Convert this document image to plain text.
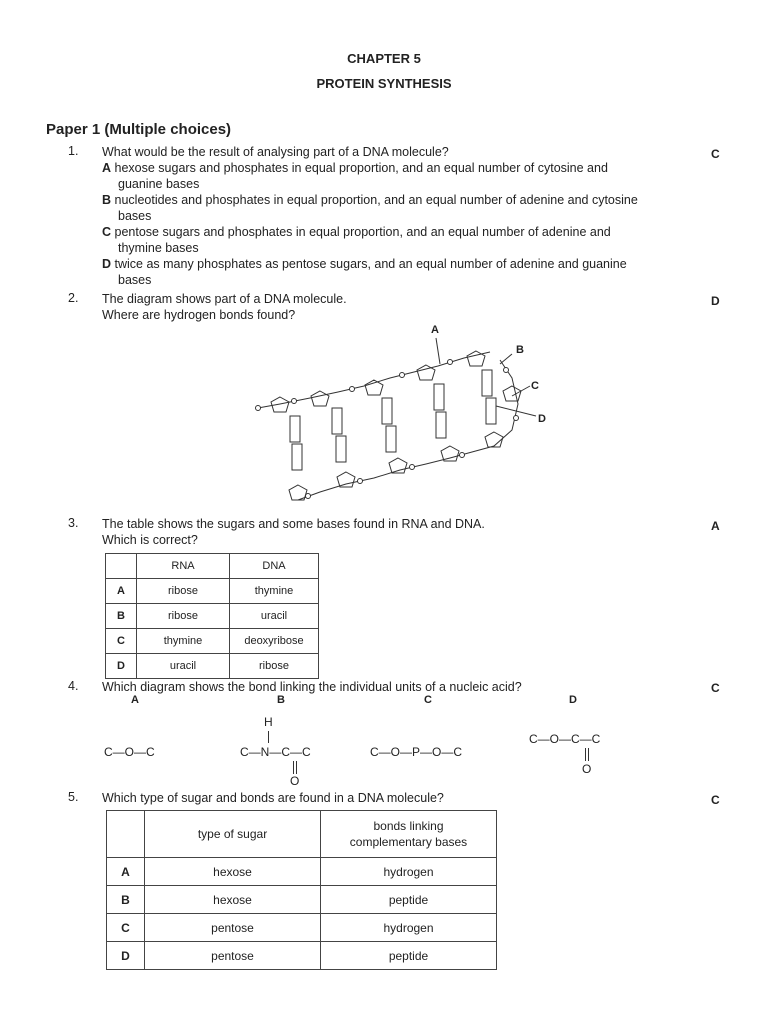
CHAPTER 5
PROTEIN SYNTHESIS
Paper 1 (Multiple choices)
1. What would be the result of analysing part of a DNA molecule?
A hexose sugars and phosphates in equal proportion, and an equal number of cytosine and
guanine bases
B nucleotides and phosphates in equal proportion, and an equal number of adenine and cytosine
bases
C pentose sugars and phosphates in equal proportion, and an equal number of adenine and
thymine bases
D twice as many phosphates as pentose sugars, and an equal number of adenine and guanine
bases
C
2. The diagram shows part of a DNA molecule.
Where are hydrogen bonds found?
D
A
B
C
D
3. The table shows the sugars and some bases found in RNA and DNA.
Which is correct?
A
	RNA	DNA
A	ribose	thymine
B	ribose	uracil
C	thymine	deoxyribose
D	uracil	ribose
4. Which diagram shows the bond linking the individual units of a nucleic acid?	C
A	B	C	D
C—O—C
H
C—N—C—C
O
C—O—P—O—C
C—O—C—C
O
5. Which type of sugar and bonds are found in a DNA molecule?	C
	type of sugar	bonds linking
complementary bases

A	hexose	hydrogen
B	hexose	peptide
C	pentose	hydrogen
D	pentose	peptide
